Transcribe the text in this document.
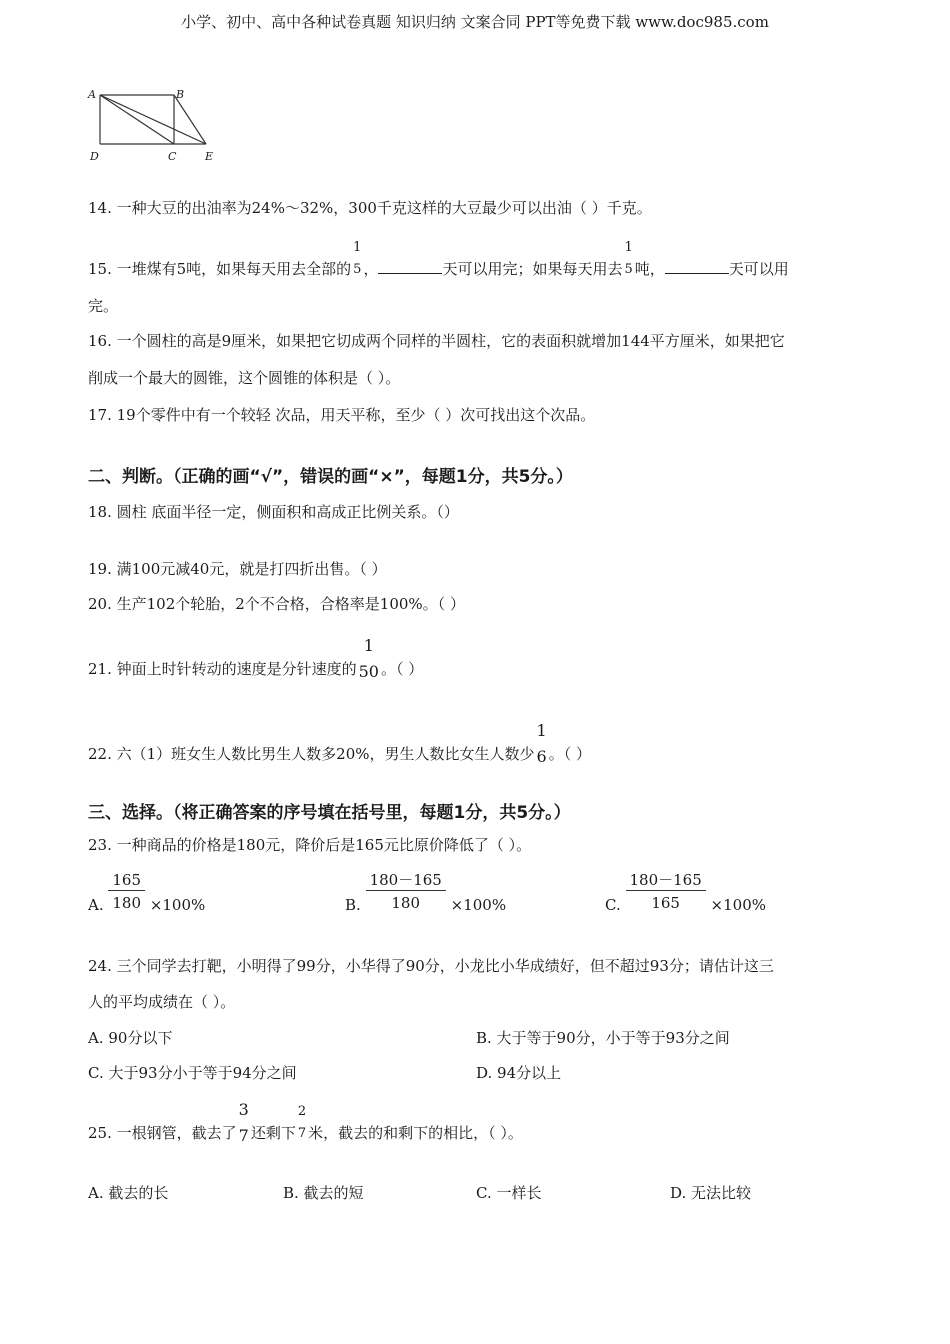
小学、初中、高中各种试卷真题 知识归纳 文案合同 PPT等免费下载 www.doc985.com
A	B
D	C	E
14. 一种大豆的出油率为24%～32%，300千克这样的大豆最少可以出油（ ）千克。
15. 一堆煤有5吨，如果每天用去全部的
1
5 ，	天可以用完；如果每天用去
1
5 吨，	天可以用
完。
16. 一个圆柱的高是9厘米，如果把它切成两个同样的半圆柱，它的表面积就增加144平方厘米，如果把它
削成一个最大的圆锥，这个圆锥的体积是（ ）。
17. 19个零件中有一个较轻 次品，用天平称，至少（ ）次可找出这个次品。
二、判断。（正确的画“√”，错误的画“×”，每题1分，共5分。）
18. 圆柱 底面半径一定，侧面积和高成正比例关系。（）
19. 满100元减40元，就是打四折出售。（ ）
20. 生产102个轮胎，2个不合格，合格率是100%。（ ）
21. 钟面上时针转动的速度是分针速度的
1
50 。（ ）
22. 六（1）班女生人数比男生人数多20%，男生人数比女生人数少
1
6 。（ ）
三、选择。（将正确答案的序号填在括号里，每题1分，共5分。）
23. 一种商品的价格是180元，降价后是165元比原价降低了（ ）。
A. $\frac{165}{180} \times 100\%$	B. $\frac{180-165}{180} \times 100\%$	C. $\frac{180-165}{165} \times 100\%$
24. 三个同学去打靶，小明得了99分，小华得了90分，小龙比小华成绩好，但不超过93分；请估计这三
人的平均成绩在（ ）。
A. 90分以下	B. 大于等于90分，小于等于93分之间
C. 大于93分小于等于94分之间	D. 94分以上
25. 一根钢管，截去了
3
7 还剩下
2
7 米，截去的和剩下的相比，（ ）。
A. 截去的长	B. 截去的短	C. 一样长	D. 无法比较
